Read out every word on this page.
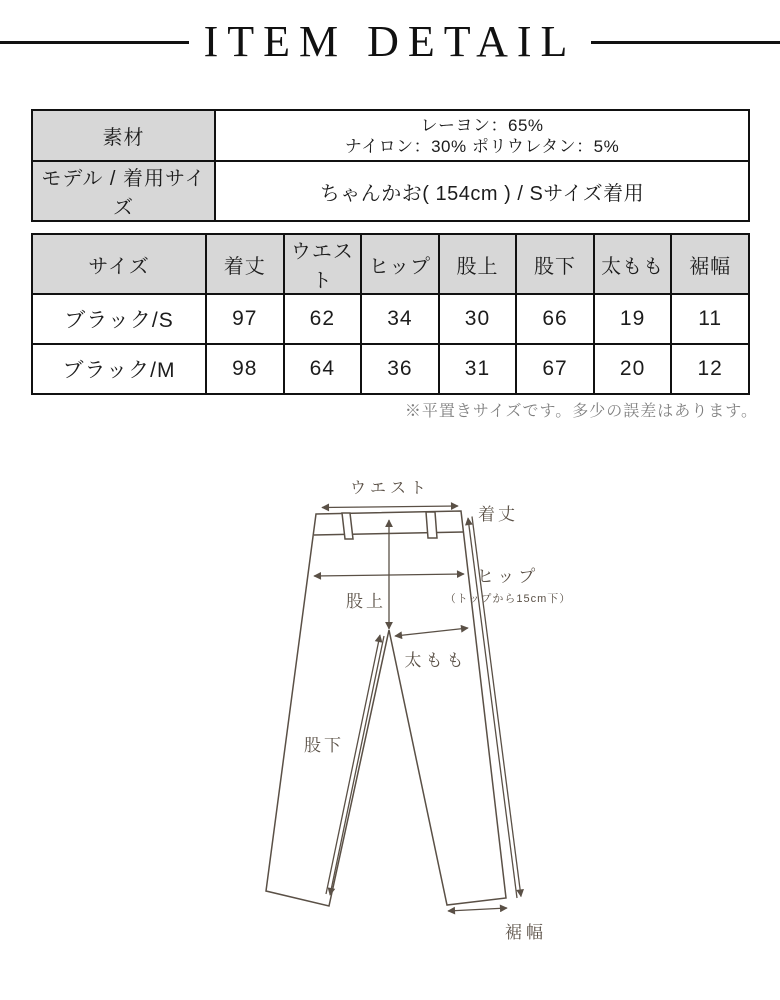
ITEM DETAIL
素材	レーヨン：65%
ナイロン：30% ポリウレタン：5%

モデル / 着用サイズ	ちゃんかお( 154cm ) / Sサイズ着用
サイズ	着丈	ウエスト	ヒップ	股上	股下	太もも	裾幅
ブラック/S	97	62	34	30	66	19	11
ブラック/M	98	64	36	31	67	20	12
※平置きサイズです。多少の誤差はあります。
ウエスト
着丈
ヒップ
（トップから15cm下）
股上
太もも
股下
裾幅
